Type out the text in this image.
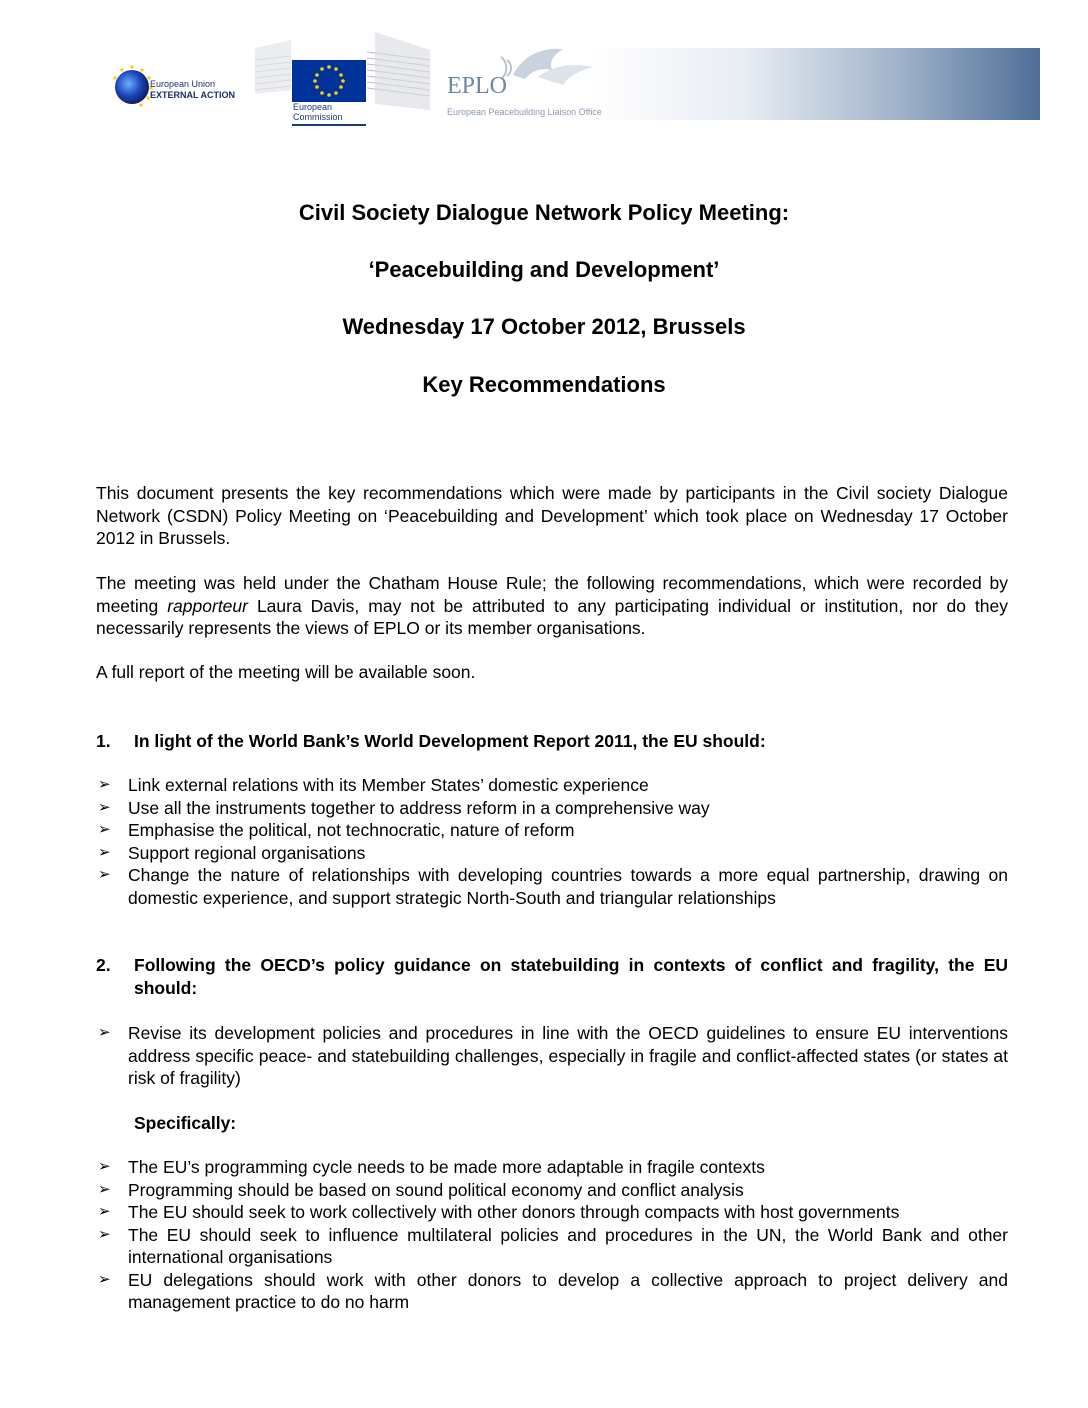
European Union
EXTERNAL ACTION
European
Commission
EPLO
European Peacebuilding Liaison Office
Civil Society Dialogue Network Policy Meeting:
‘Peacebuilding and Development’
Wednesday 17 October 2012, Brussels
Key Recommendations
This document presents the key recommendations which were made by participants in the Civil society Dialogue Network (CSDN) Policy Meeting on ‘Peacebuilding and Development’ which took place on Wednesday 17 October 2012 in Brussels.
The meeting was held under the Chatham House Rule; the following recommendations, which were recorded by meeting rapporteur Laura Davis, may not be attributed to any participating individual or institution, nor do they necessarily represents the views of EPLO or its member organisations.
A full report of the meeting will be available soon.
1. In light of the World Bank’s World Development Report 2011, the EU should:
➢ Link external relations with its Member States’ domestic experience
➢ Use all the instruments together to address reform in a comprehensive way
➢ Emphasise the political, not technocratic, nature of reform
➢ Support regional organisations
➢ Change the nature of relationships with developing countries towards a more equal partnership, drawing on domestic experience, and support strategic North-South and triangular relationships
2. Following the OECD’s policy guidance on statebuilding in contexts of conflict and fragility, the EU should:
➢ Revise its development policies and procedures in line with the OECD guidelines to ensure EU interventions address specific peace- and statebuilding challenges, especially in fragile and conflict-affected states (or states at risk of fragility)
Specifically:
➢ The EU’s programming cycle needs to be made more adaptable in fragile contexts
➢ Programming should be based on sound political economy and conflict analysis
➢ The EU should seek to work collectively with other donors through compacts with host governments
➢ The EU should seek to influence multilateral policies and procedures in the UN, the World Bank and other international organisations
➢ EU delegations should work with other donors to develop a collective approach to project delivery and management practice to do no harm
